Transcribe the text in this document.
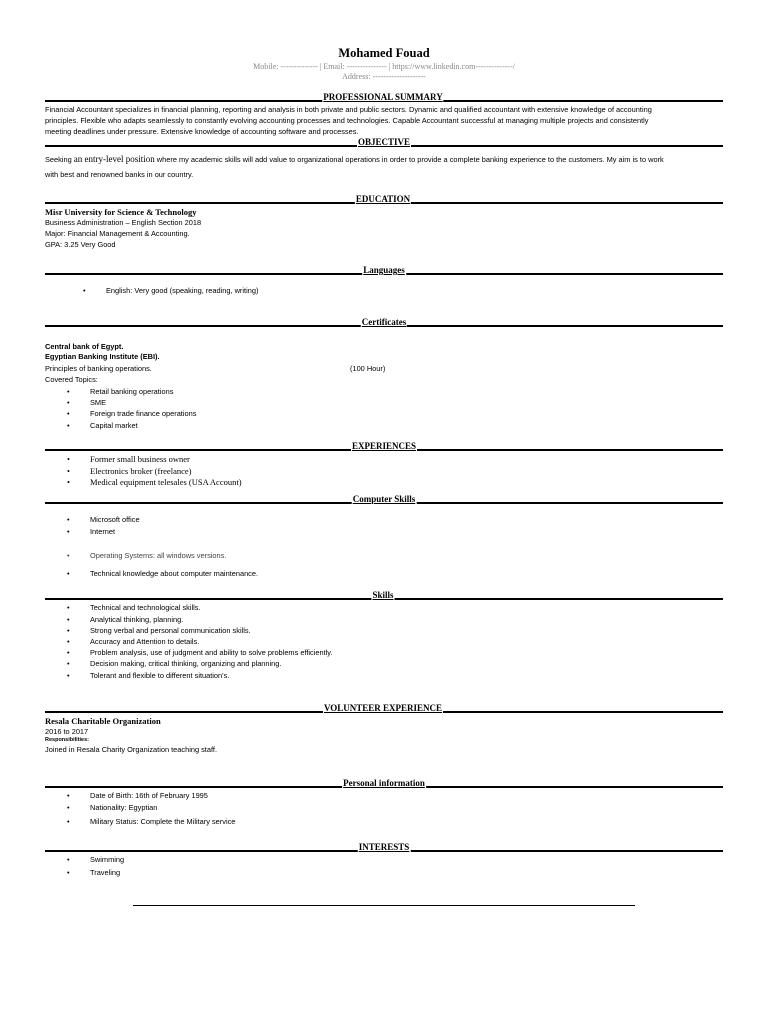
Mohamed Fouad
Mobile: -------------- | Email: --------------- | https://www.linkedin.com--------------/
Address: --------------------
PROFESSIONAL SUMMARY
Financial Accountant specializes in financial planning, reporting and analysis in both private and public sectors. Dynamic and qualified accountant with extensive knowledge of accounting
principles. Flexible who adapts seamlessly to constantly evolving accounting processes and technologies. Capable Accountant successful at managing multiple projects and consistently
meeting deadlines under pressure. Extensive knowledge of accounting software and processes.
OBJECTIVE
Seeking an entry-level position where my academic skills will add value to organizational operations in order to provide a complete banking experience to the customers. My aim is to work
with best and renowned banks in our country.
EDUCATION
Misr University for Science & Technology
Business Administration – English Section 2018
Major: Financial Management & Accounting.
GPA: 3.25 Very Good
Languages
•	English: Very good (speaking, reading, writing)
Certificates
Central bank of Egypt.
Egyptian Banking Institute (EBI).
Principles of banking operations.	(100 Hour)
Covered Topics:
•	Retail banking operations
•	SME
•	Foreign trade finance operations
•	Capital market
EXPERIENCES
• Former small business owner
• Electronics broker (freelance)
• Medical equipment telesales (USA Account)
Computer Skills
•	Microsoft office
•	Internet
•	Operating Systems: all windows versions.
•	Technical knowledge about computer maintenance.
Skills
•	Technical and technological skills.
•	Analytical thinking, planning.
•	Strong verbal and personal communication skills.
•	Accuracy and Attention to details.
•	Problem analysis, use of judgment and ability to solve problems efficiently.
•	Decision making, critical thinking, organizing and planning.
•	Tolerant and flexible to different situation's.
VOLUNTEER EXPERIENCE
Resala Charitable Organization
2016 to 2017
Responsibilities:
Joined in Resala Charity Organization teaching staff.
Personal information
•	Date of Birth: 16th of February 1995
•	Nationality: Egyptian
•	Military Status: Complete the Military service
INTERESTS
•	Swimming
•	Traveling
